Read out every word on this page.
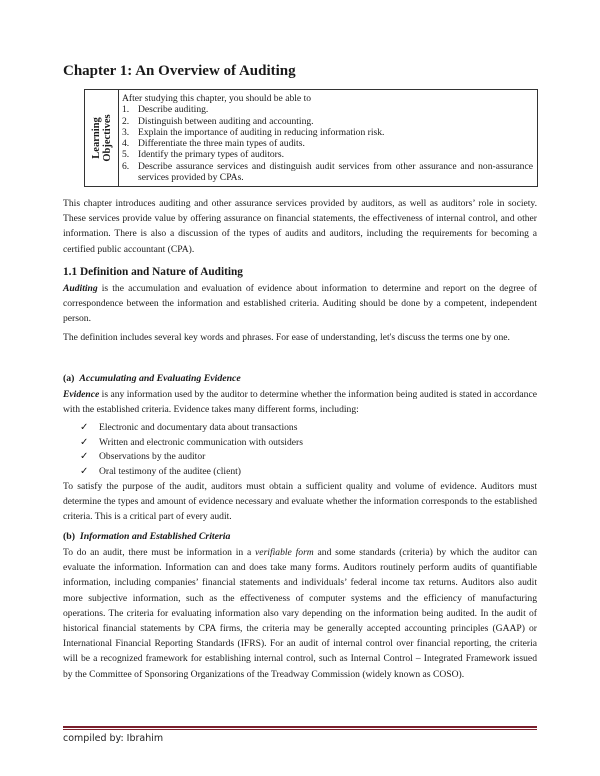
Chapter 1: An Overview of Auditing
Learning Objectives
After studying this chapter, you should be able to
1. Describe auditing.
2. Distinguish between auditing and accounting.
3. Explain the importance of auditing in reducing information risk.
4. Differentiate the three main types of audits.
5. Identify the primary types of auditors.
6. Describe assurance services and distinguish audit services from other assurance and non-assurance services provided by CPAs.

This chapter introduces auditing and other assurance services provided by auditors, as well as auditors’ role in society. These services provide value by offering assurance on financial statements, the effectiveness of internal control, and other information. There is also a discussion of the types of audits and auditors, including the requirements for becoming a certified public accountant (CPA).

1.1 Definition and Nature of Auditing

Auditing is the accumulation and evaluation of evidence about information to determine and report on the degree of correspondence between the information and established criteria. Auditing should be done by a competent, independent person.

The definition includes several key words and phrases. For ease of understanding, let's discuss the terms one by one.

(a) Accumulating and Evaluating Evidence

Evidence is any information used by the auditor to determine whether the information being audited is stated in accordance with the established criteria. Evidence takes many different forms, including:

✓	Electronic and documentary data about transactions
✓	Written and electronic communication with outsiders
✓	Observations by the auditor
✓	Oral testimony of the auditee (client)

To satisfy the purpose of the audit, auditors must obtain a sufficient quality and volume of evidence. Auditors must determine the types and amount of evidence necessary and evaluate whether the information corresponds to the established criteria. This is a critical part of every audit.

(b) Information and Established Criteria

To do an audit, there must be information in a verifiable form and some standards (criteria) by which the auditor can evaluate the information. Information can and does take many forms. Auditors routinely perform audits of quantifiable information, including companies’ financial statements and individuals’ federal income tax returns. Auditors also audit more subjective information, such as the effectiveness of computer systems and the efficiency of manufacturing operations. The criteria for evaluating information also vary depending on the information being audited. In the audit of historical financial statements by CPA firms, the criteria may be generally accepted accounting principles (GAAP) or International Financial Reporting Standards (IFRS). For an audit of internal control over financial reporting, the criteria will be a recognized framework for establishing internal control, such as Internal Control – Integrated Framework issued by the Committee of Sponsoring Organizations of the Treadway Commission (widely known as COSO).

compiled by: Ibrahim
